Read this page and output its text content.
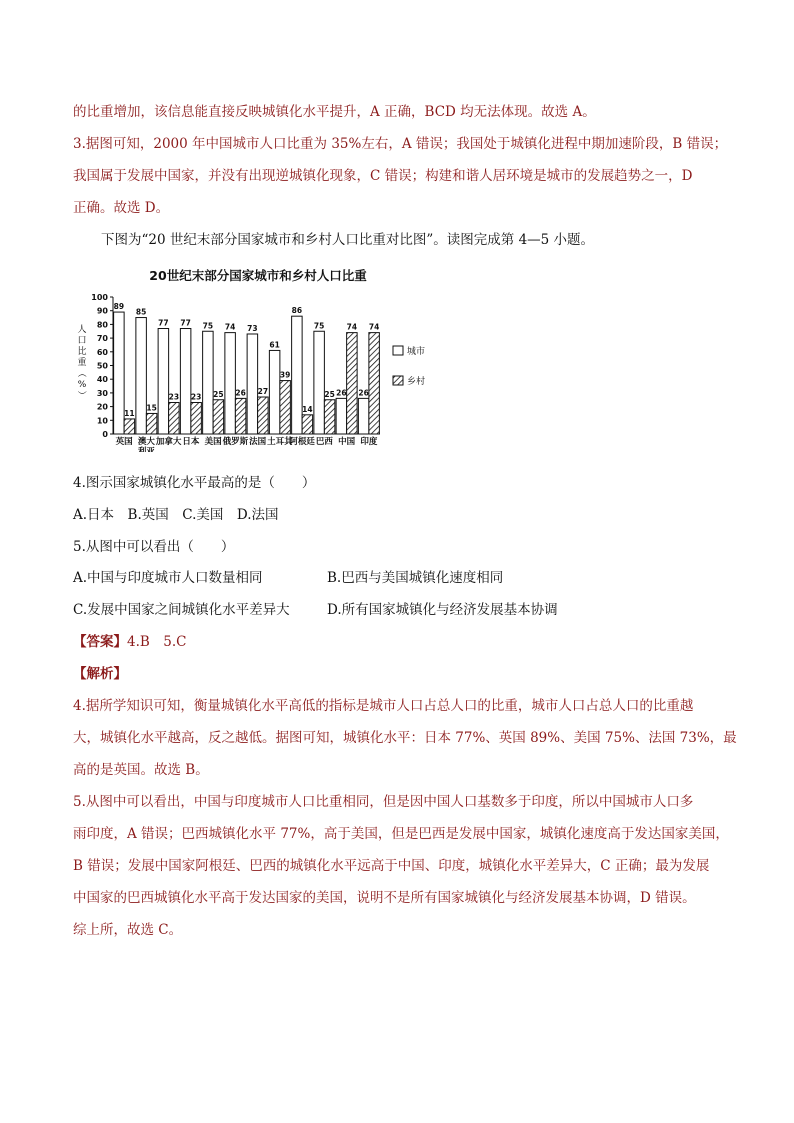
的比重增加，该信息能直接反映城镇化水平提升，A 正确，BCD 均无法体现。故选 A。
3.据图可知，2000 年中国城市人口比重为 35%左右，A 错误；我国处于城镇化进程中期加速阶段，B 错误；
我国属于发展中国家，并没有出现逆城镇化现象，C 错误；构建和谐人居环境是城市的发展趋势之一，D
正确。故选 D。
下图为“20 世纪末部分国家城市和乡村人口比重对比图”。读图完成第 4—5 小题。
20世纪末部分国家城市和乡村人口比重
人
口
比
重
（
%
）
0
10
20
30
40
50
60
70
80
90
100
89
11
英国
85
15
澳大
利亚
77
23
加拿大
77
23
日本
75
25
美国
74
26
俄罗斯
73
27
法国
61
39
土耳其
86
14
阿根廷
75
25
巴西
26
74
中国
26
74
印度
城市
乡村
4.图示国家城镇化水平最高的是（　　）
A.日本　B.英国　C.美国　D.法国
5.从图中可以看出（　　）
A.中国与印度城市人口数量相同	B.巴西与美国城镇化速度相同
C.发展中国家之间城镇化水平差异大	D.所有国家城镇化与经济发展基本协调
【答案】4.B　5.C
【解析】
4.据所学知识可知，衡量城镇化水平高低的指标是城市人口占总人口的比重，城市人口占总人口的比重越
大，城镇化水平越高，反之越低。据图可知，城镇化水平：日本 77%、英国 89%、美国 75%、法国 73%，最
高的是英国。故选 B。
5.从图中可以看出，中国与印度城市人口比重相同，但是因中国人口基数多于印度，所以中国城市人口多
雨印度，A 错误；巴西城镇化水平 77%，高于美国，但是巴西是发展中国家，城镇化速度高于发达国家美国，
B 错误；发展中国家阿根廷、巴西的城镇化水平远高于中国、印度，城镇化水平差异大，C 正确；最为发展
中国家的巴西城镇化水平高于发达国家的美国，说明不是所有国家城镇化与经济发展基本协调，D 错误。
综上所，故选 C。
